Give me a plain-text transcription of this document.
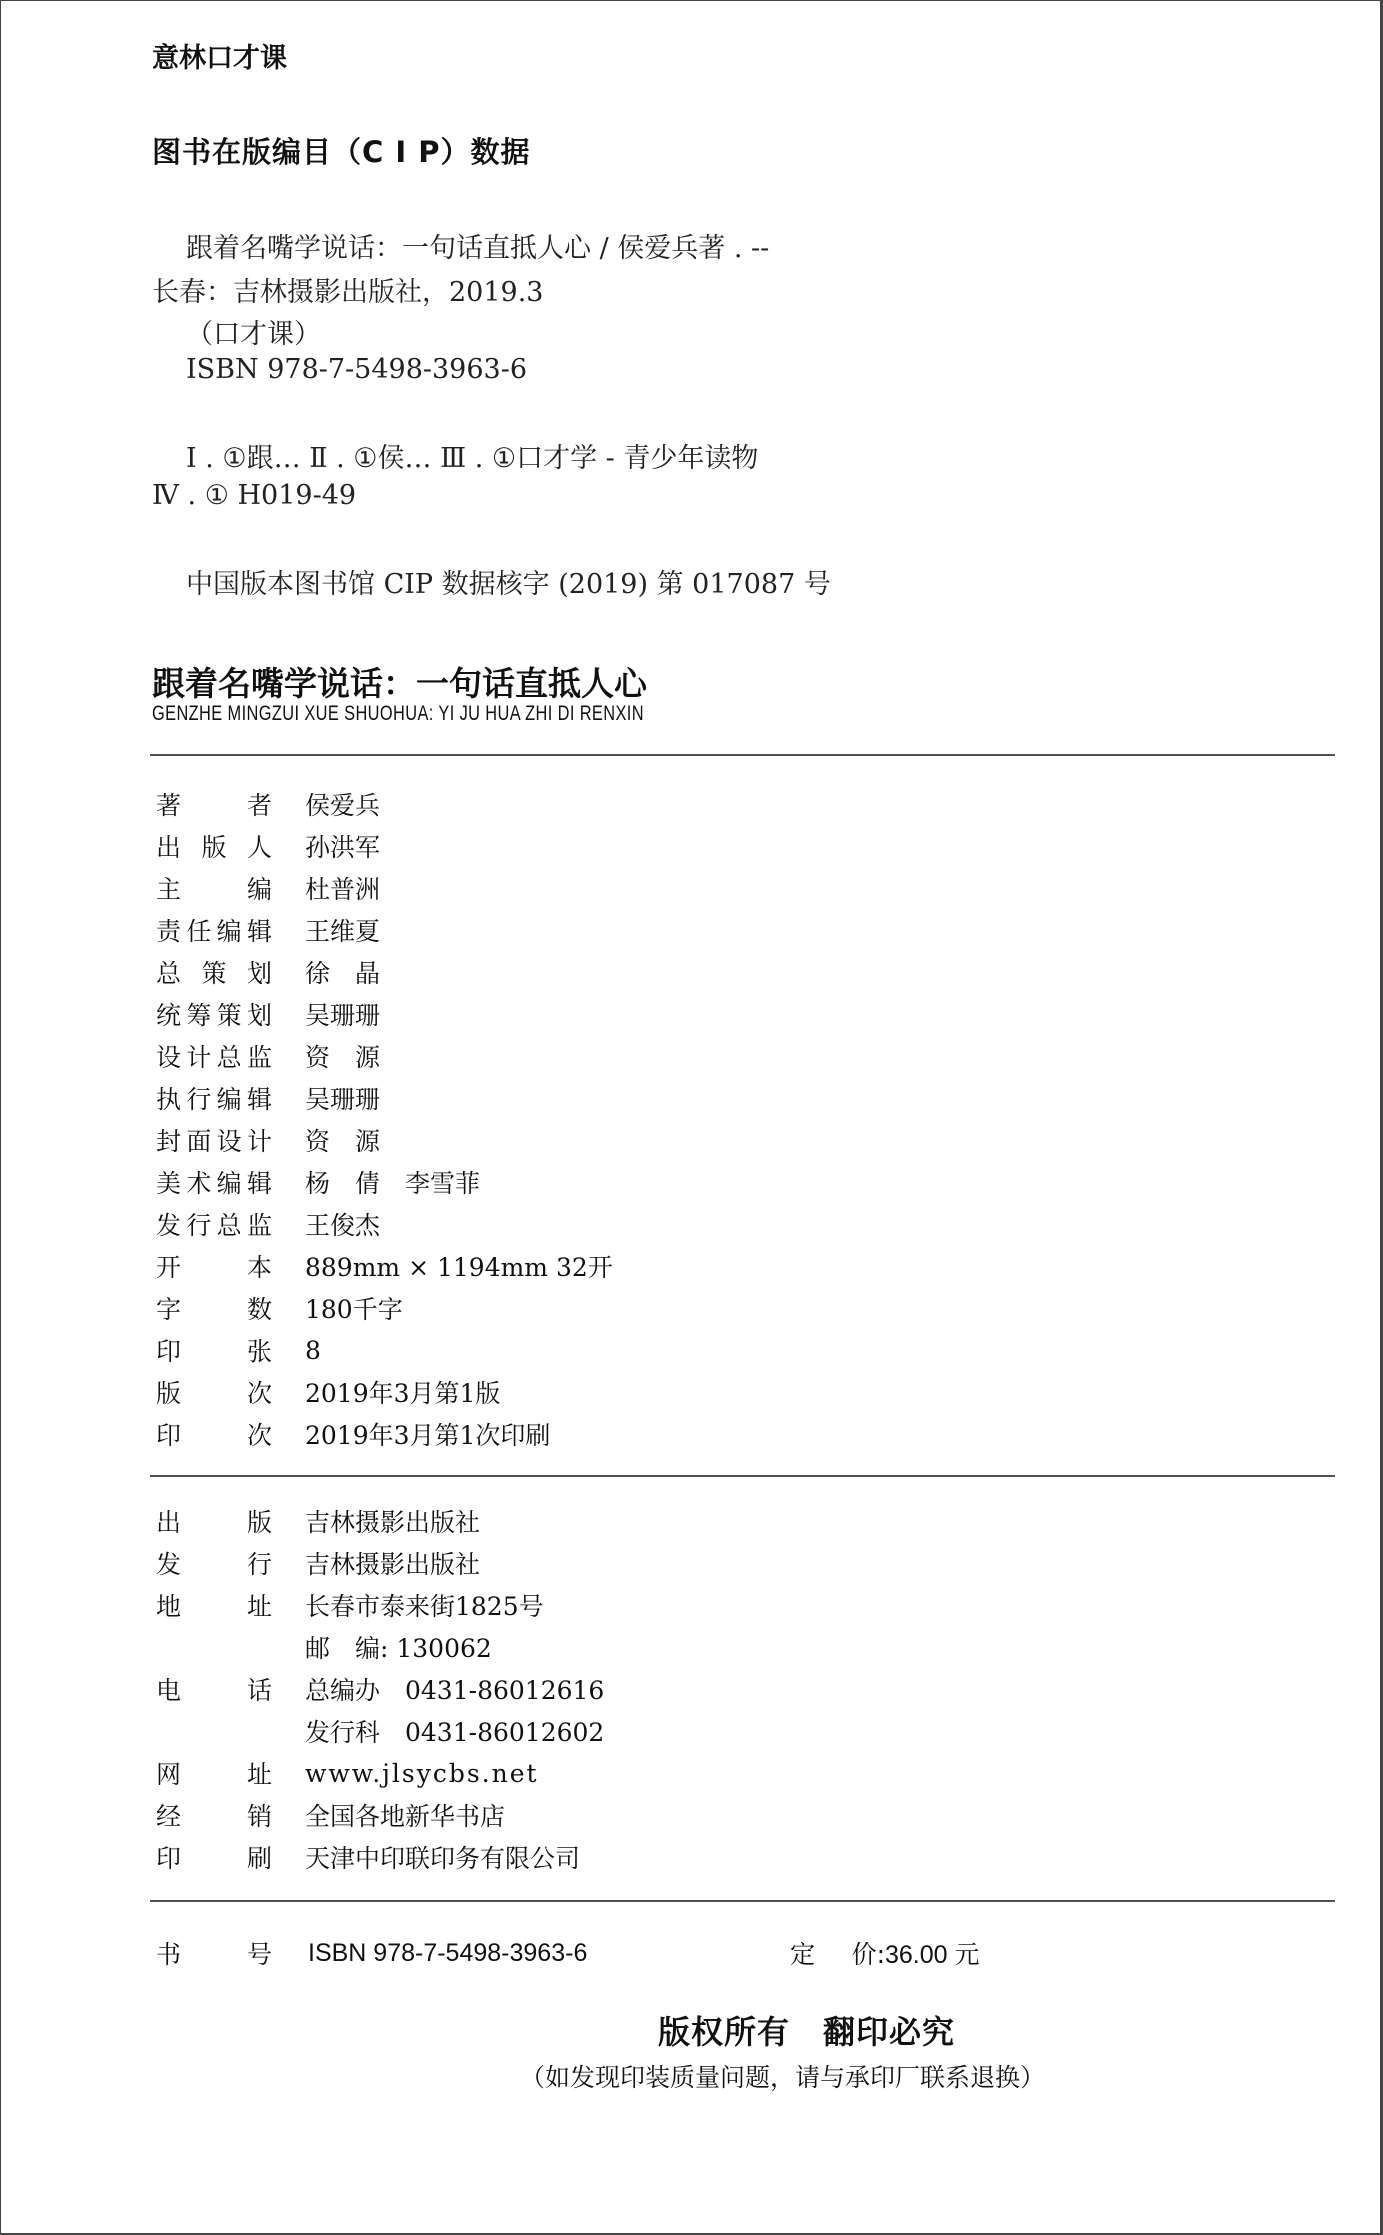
意林口才课
图书在版编目（C I P）数据
跟着名嘴学说话：一句话直抵人心 / 侯爱兵著 . --
长春：吉林摄影出版社，2019.3
（口才课）
ISBN 978-7-5498-3963-6
Ⅰ . ①跟… Ⅱ . ①侯… Ⅲ . ①口才学 - 青少年读物
Ⅳ . ① H019-49
中国版本图书馆 CIP 数据核字 (2019) 第 017087 号
跟着名嘴学说话：一句话直抵人心
GENZHE MINGZUI XUE SHUOHUA: YI JU HUA ZHI DI RENXIN
著	者 侯爱兵
出 版 人 孙洪军
主	编 杜普洲
责 任 编 辑 王维夏
总 策 划 徐　晶
统 筹 策 划 吴珊珊
设 计 总 监 资　源
执 行 编 辑 吴珊珊
封 面 设 计 资　源
美 术 编 辑 杨　倩　李雪菲
发 行 总 监 王俊杰
开	本 889mm × 1194mm 32开
字	数 180千字
印	张 8
版	次 2019年3月第1版
印	次 2019年3月第1次印刷
出	版 吉林摄影出版社
发	行 吉林摄影出版社
地	址 长春市泰来街1825号
邮　编: 130062
电	话 总编办　0431-86012616
发行科　0431-86012602
网	址 www.jlsycbs.net
经	销 全国各地新华书店
印	刷 天津中印联印务有限公司
书	号 ISBN 978-7-5498-3963-6	定 价: 36.00 元
版权所有　翻印必究
（如发现印装质量问题，请与承印厂联系退换）
